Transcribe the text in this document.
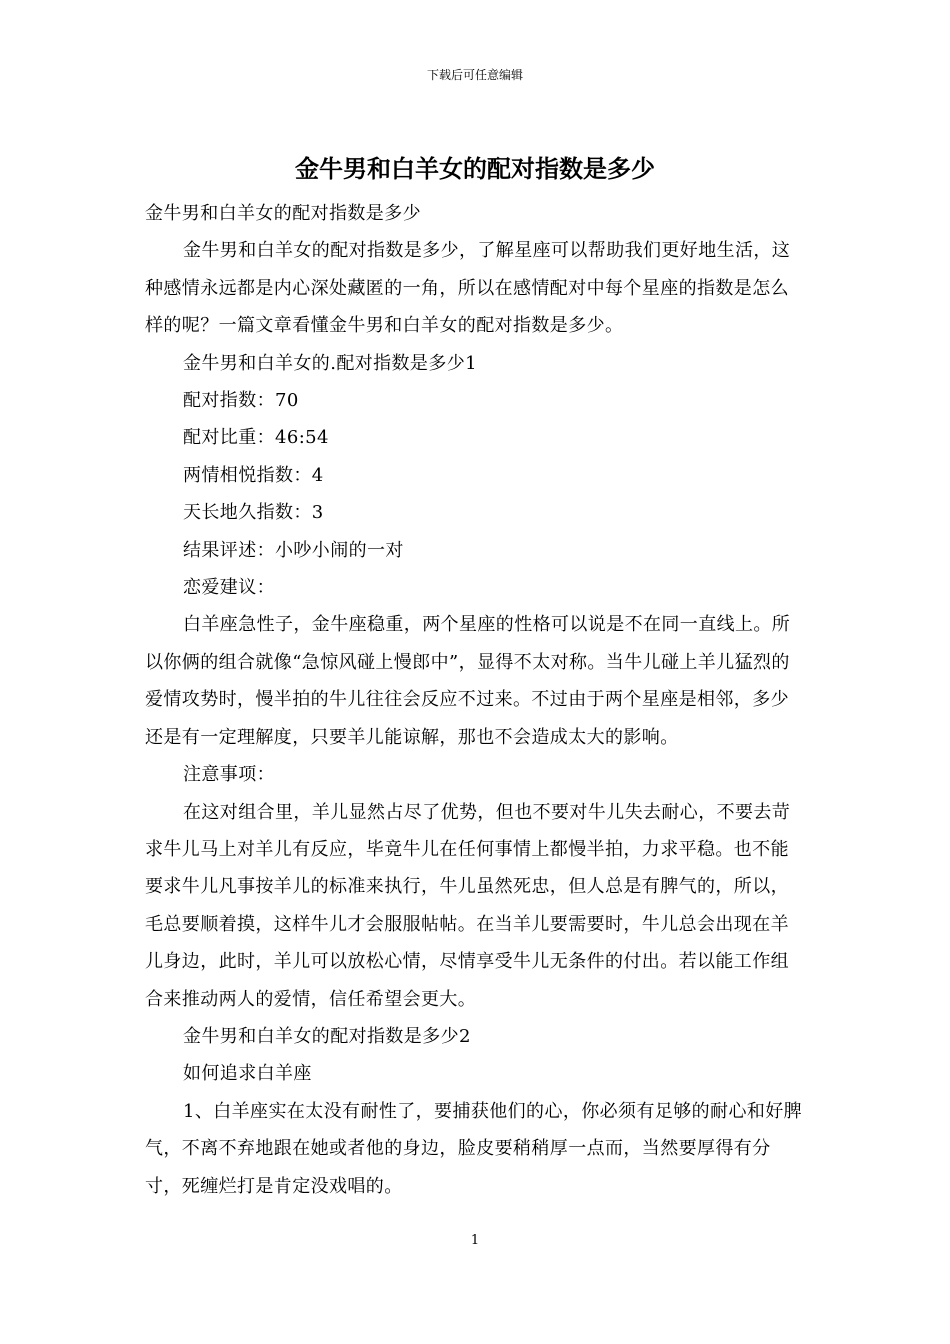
下载后可任意编辑
金牛男和白羊女的配对指数是多少

金牛男和白羊女的配对指数是多少

金牛男和白羊女的配对指数是多少，了解星座可以帮助我们更好地生活，这种感情永远都是内心深处藏匿的一角，所以在感情配对中每个星座的指数是怎么样的呢？一篇文章看懂金牛男和白羊女的配对指数是多少。

金牛男和白羊女的.配对指数是多少1

配对指数：70

配对比重：46:54

两情相悦指数：4

天长地久指数：3

结果评述：小吵小闹的一对

恋爱建议：

白羊座急性子，金牛座稳重，两个星座的性格可以说是不在同一直线上。所以你俩的组合就像“急惊风碰上慢郎中”，显得不太对称。当牛儿碰上羊儿猛烈的爱情攻势时，慢半拍的牛儿往往会反应不过来。不过由于两个星座是相邻，多少还是有一定理解度，只要羊儿能谅解，那也不会造成太大的影响。

注意事项：

在这对组合里，羊儿显然占尽了优势，但也不要对牛儿失去耐心，不要去苛求牛儿马上对羊儿有反应，毕竟牛儿在任何事情上都慢半拍，力求平稳。也不能要求牛儿凡事按羊儿的标准来执行，牛儿虽然死忠，但人总是有脾气的，所以，毛总要顺着摸，这样牛儿才会服服帖帖。在当羊儿要需要时，牛儿总会出现在羊儿身边，此时，羊儿可以放松心情，尽情享受牛儿无条件的付出。若以能工作组合来推动两人的爱情，信任希望会更大。

金牛男和白羊女的配对指数是多少2

如何追求白羊座

1、白羊座实在太没有耐性了，要捕获他们的心，你必须有足够的耐心和好脾气，不离不弃地跟在她或者他的身边，脸皮要稍稍厚一点而，当然要厚得有分寸，死缠烂打是肯定没戏唱的。

1
